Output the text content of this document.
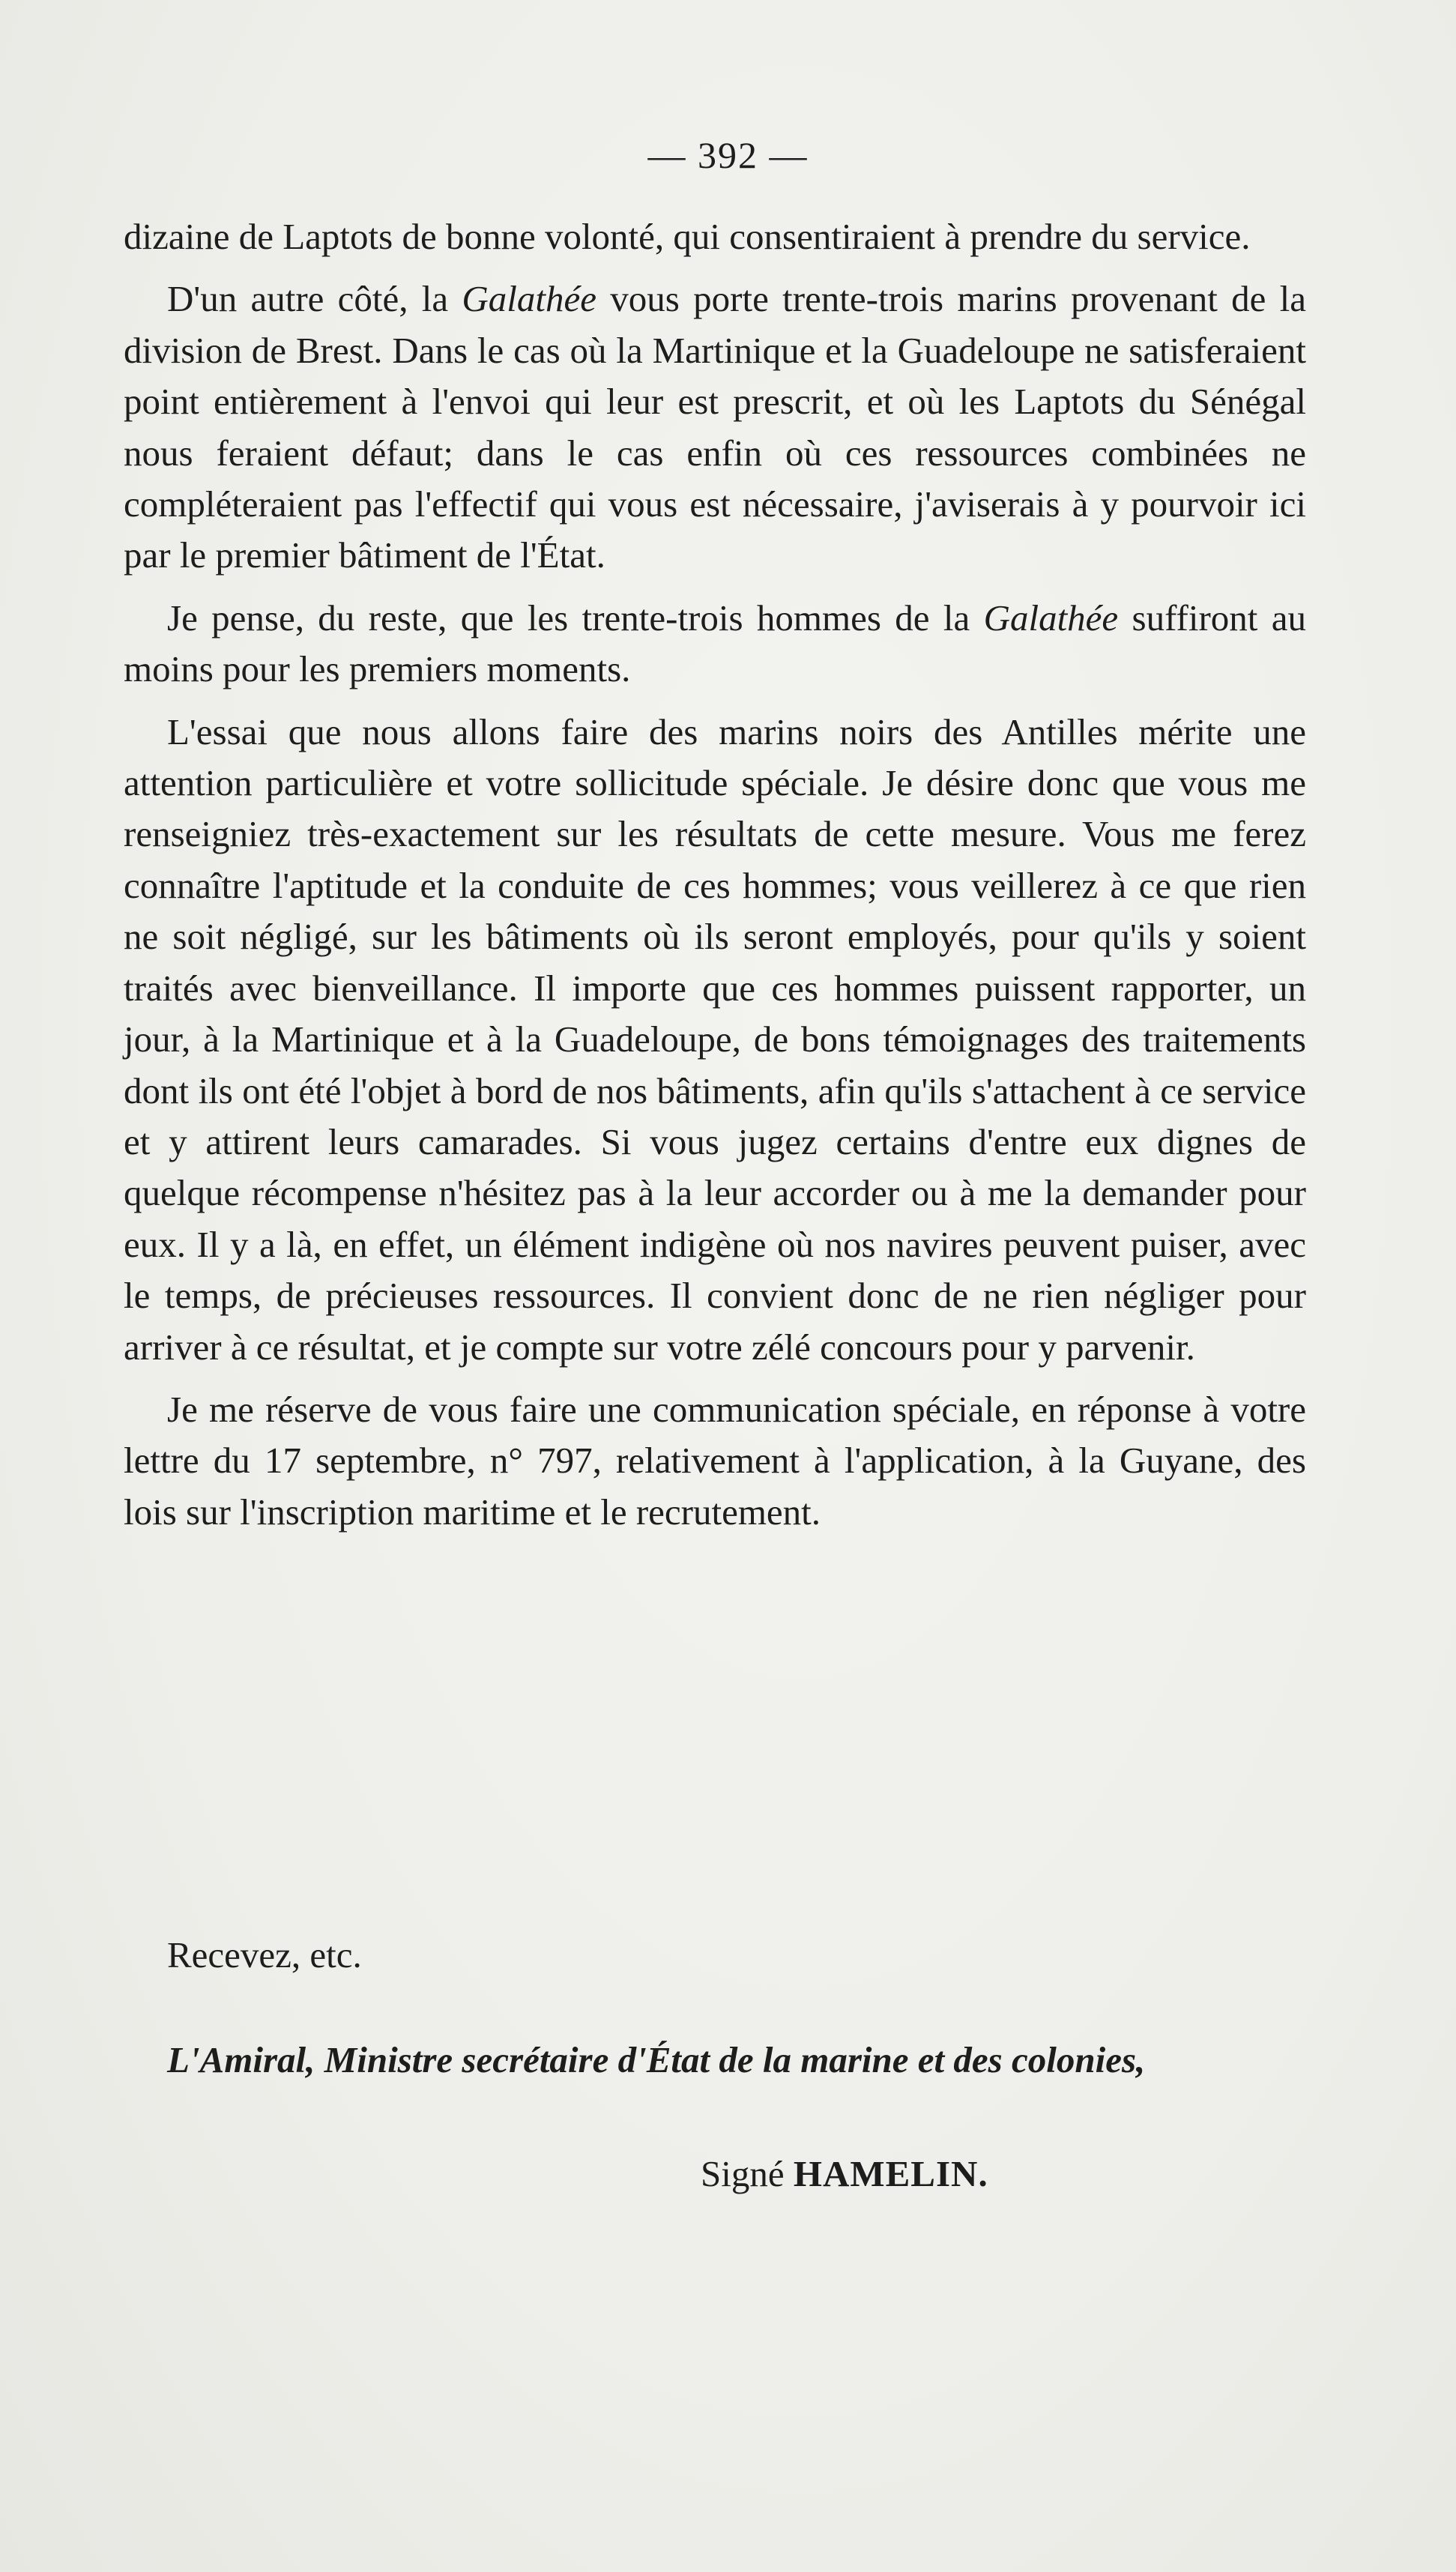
— 392 —

dizaine de Laptots de bonne volonté, qui consentiraient à prendre du service.

D'un autre côté, la Galathée vous porte trente-trois marins provenant de la division de Brest. Dans le cas où la Martinique et la Guadeloupe ne satisferaient point entièrement à l'envoi qui leur est prescrit, et où les Laptots du Sénégal nous feraient défaut; dans le cas enfin où ces ressources combinées ne compléteraient pas l'effectif qui vous est nécessaire, j'aviserais à y pourvoir ici par le premier bâtiment de l'État.

Je pense, du reste, que les trente-trois hommes de la Galathée suffiront au moins pour les premiers moments.

L'essai que nous allons faire des marins noirs des Antilles mérite une attention particulière et votre sollicitude spéciale. Je désire donc que vous me renseigniez très-exactement sur les résultats de cette mesure. Vous me ferez connaître l'aptitude et la conduite de ces hommes; vous veillerez à ce que rien ne soit négligé, sur les bâtiments où ils seront employés, pour qu'ils y soient traités avec bienveillance. Il importe que ces hommes puissent rapporter, un jour, à la Martinique et à la Guadeloupe, de bons témoignages des traitements dont ils ont été l'objet à bord de nos bâtiments, afin qu'ils s'attachent à ce service et y attirent leurs camarades. Si vous jugez certains d'entre eux dignes de quelque récompense n'hésitez pas à la leur accorder ou à me la demander pour eux. Il y a là, en effet, un élément indigène où nos navires peuvent puiser, avec le temps, de précieuses ressources. Il convient donc de ne rien négliger pour arriver à ce résultat, et je compte sur votre zélé concours pour y parvenir.

Je me réserve de vous faire une communication spéciale, en réponse à votre lettre du 17 septembre, n° 797, relativement à l'application, à la Guyane, des lois sur l'inscription maritime et le recrutement.

Recevez, etc.
L'Amiral, Ministre secrétaire d'État de la marine et des colonies,
Signé HAMELIN.
